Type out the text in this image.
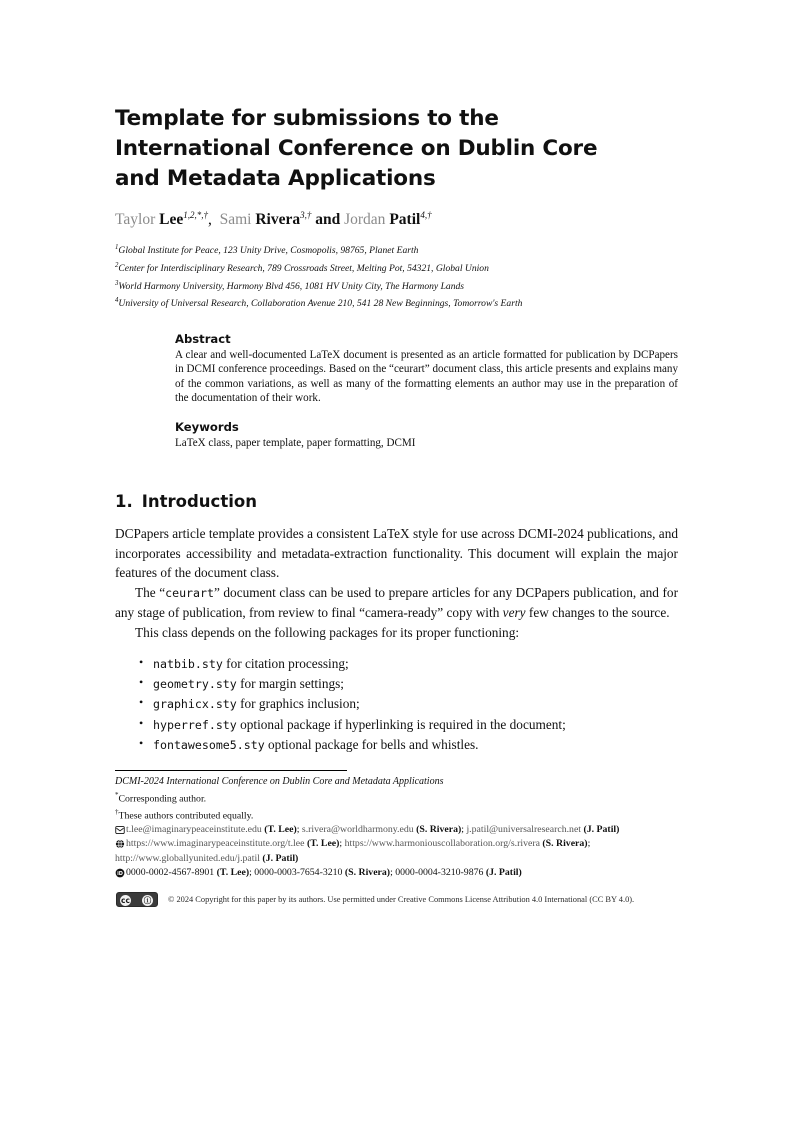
Template for submissions to the International Conference on Dublin Core and Metadata Applications
Taylor Lee$^{1,2,*,\dagger}$, Sami Rivera$^{3,\dagger}$ and Jordan Patil$^{4,\dagger}$
$^1$Global Institute for Peace, 123 Unity Drive, Cosmopolis, 98765, Planet Earth
$^2$Center for Interdisciplinary Research, 789 Crossroads Street, Melting Pot, 54321, Global Union
$^3$World Harmony University, Harmony Blvd 456, 1081 HV Unity City, The Harmony Lands
$^4$University of Universal Research, Collaboration Avenue 210, 541 28 New Beginnings, Tomorrow's Earth
Abstract

A clear and well-documented LaTeX document is presented as an article formatted for publication by DCPapers in DCMI conference proceedings. Based on the “ceurart” document class, this article presents and explains many of the common variations, as well as many of the formatting elements an author may use in the preparation of the documentation of their work.

Keywords

LaTeX class, paper template, paper formatting, DCMI

1. Introduction

DCPapers article template provides a consistent LaTeX style for use across DCMI-2024 publications, and incorporates accessibility and metadata-extraction functionality. This document will explain the major features of the document class.

The “ceurart” document class can be used to prepare articles for any DCPapers publication, and for any stage of publication, from review to final “camera-ready” copy with very few changes to the source.

This class depends on the following packages for its proper functioning:

• natbib.sty for citation processing;
• geometry.sty for margin settings;
• graphicx.sty for graphics inclusion;
• hyperref.sty optional package if hyperlinking is required in the document;
• fontawesome5.sty optional package for bells and whistles.

DCMI-2024 International Conference on Dublin Core and Metadata Applications

*Corresponding author.

†These authors contributed equally.

t.lee@imaginarypeaceinstitute.edu (T. Lee); s.rivera@worldharmony.edu (S. Rivera); j.patil@universalresearch.net (J. Patil)

https://www.imaginarypeaceinstitute.org/t.lee (T. Lee); https://www.harmoniouscollaboration.org/s.rivera (S. Rivera); http://www.globallyunited.edu/j.patil (J. Patil)

iD 0000-0002-4567-8901 (T. Lee); 0000-0003-7654-3210 (S. Rivera); 0000-0004-3210-9876 (J. Patil)

cc ⓘ © 2024 Copyright for this paper by its authors. Use permitted under Creative Commons License Attribution 4.0 International (CC BY 4.0).
